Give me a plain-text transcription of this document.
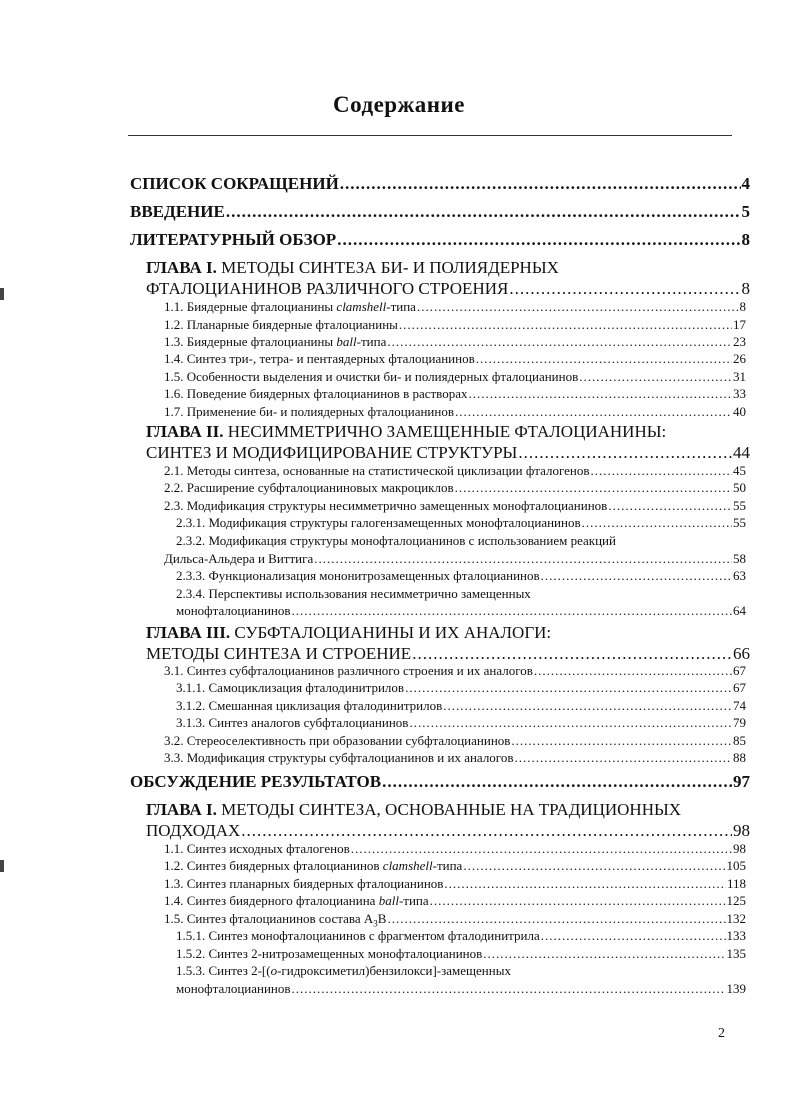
Содержание
СПИСОК СОКРАЩЕНИЙ .....	4
ВВЕДЕНИЕ .....	5
ЛИТЕРАТУРНЫЙ ОБЗОР .....	8
ГЛАВА I. МЕТОДЫ СИНТЕЗА БИ- И ПОЛИЯДЕРНЫХ
ФТАЛОЦИАНИНОВ РАЗЛИЧНОГО СТРОЕНИЯ .....	8
1.1. Биядерные фталоцианины clamshell-типа .....	8
1.2. Планарные биядерные фталоцианины .....	17
1.3. Биядерные фталоцианины ball-типа .....	23
1.4. Синтез три-, тетра- и пентаядерных фталоцианинов .....	26
1.5. Особенности выделения и очистки би- и полиядерных фталоцианинов .....	31
1.6. Поведение биядерных фталоцианинов в растворах .....	33
1.7. Применение би- и полиядерных фталоцианинов .....	40
ГЛАВА II. НЕСИММЕТРИЧНО ЗАМЕЩЕННЫЕ ФТАЛОЦИАНИНЫ:
СИНТЕЗ И МОДИФИЦИРОВАНИЕ СТРУКТУРЫ .....	44
2.1. Методы синтеза, основанные на статистической циклизации фталогенов .....	45
2.2. Расширение субфталоцианиновых макроциклов .....	50
2.3. Модификация структуры несимметрично замещенных монофталоцианинов .....	55
2.3.1. Модификация структуры галогензамещенных монофталоцианинов .....	55
2.3.2. Модификация структуры монофталоцианинов с использованием реакций
Дильса-Альдера и Виттига .....	58
2.3.3. Функционализация мононитрозамещенных фталоцианинов .....	63
2.3.4. Перспективы использования несимметрично замещенных
монофталоцианинов .....	64
ГЛАВА III. СУБФТАЛОЦИАНИНЫ И ИХ АНАЛОГИ:
МЕТОДЫ СИНТЕЗА И СТРОЕНИЕ .....	66
3.1. Синтез субфталоцианинов различного строения и их аналогов .....	67
3.1.1. Самоциклизация фталодинитрилов .....	67
3.1.2. Смешанная циклизация фталодинитрилов .....	74
3.1.3. Синтез аналогов субфталоцианинов .....	79
3.2. Стереоселективность при образовании субфталоцианинов .....	85
3.3. Модификация структуры субфталоцианинов и их аналогов .....	88
ОБСУЖДЕНИЕ РЕЗУЛЬТАТОВ .....	97
ГЛАВА I. МЕТОДЫ СИНТЕЗА, ОСНОВАННЫЕ НА ТРАДИЦИОННЫХ
ПОДХОДАХ .....	98
1.1. Синтез исходных фталогенов .....	98
1.2. Синтез биядерных фталоцианинов clamshell-типа .....	105
1.3. Синтез планарных биядерных фталоцианинов .....	118
1.4. Синтез биядерного фталоцианина ball-типа .....	125
1.5. Синтез фталоцианинов состава $A_3B$ .....	132
1.5.1. Синтез монофталоцианинов с фрагментом фталодинитрила .....	133
1.5.2. Синтез 2-нитрозамещенных монофталоцианинов .....	135
1.5.3. Синтез 2-[(o-гидроксиметил)бензилокси]-замещенных
монофталоцианинов .....	139
2
